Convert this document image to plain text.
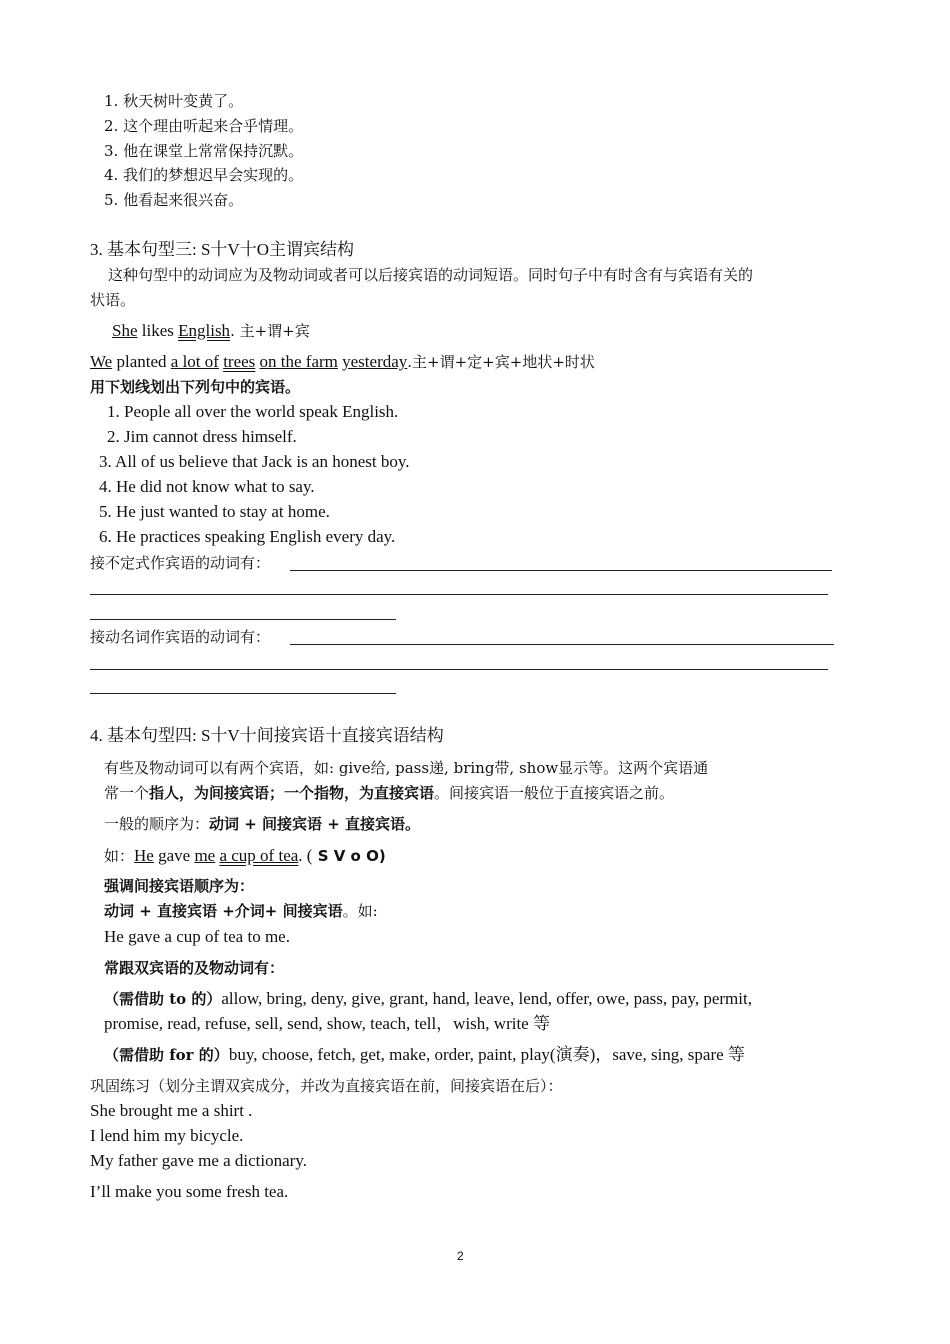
1. 秋天树叶变黄了。
2. 这个理由听起来合乎情理。
3. 他在课堂上常常保持沉默。
4. 我们的梦想迟早会实现的。
5. 他看起来很兴奋。
3. 基本句型三: S十V十O主谓宾结构
这种句型中的动词应为及物动词或者可以后接宾语的动词短语。同时句子中有时含有与宾语有关的
状语。
She likes English. 主+谓+宾
We planted a lot of trees on the farm yesterday.主+谓+定+宾+地状+时状
用下划线划出下列句中的宾语。
1. People all over the world speak English.
2. Jim cannot dress himself.
3. All of us believe that Jack is an honest boy.
4. He did not know what to say.
5. He just wanted to stay at home.
6. He practices speaking English every day.
接不定式作宾语的动词有：
接动名词作宾语的动词有：
4. 基本句型四: S十V十间接宾语十直接宾语结构
有些及物动词可以有两个宾语，如: give给, pass递, bring带, show显示等。这两个宾语通
常一个指人，为间接宾语；一个指物，为直接宾语。间接宾语一般位于直接宾语之前。
一般的顺序为：动词 + 间接宾语 + 直接宾语。
如：He gave me a cup of tea. ( S V o O)
强调间接宾语顺序为：
动词 + 直接宾语 +介词+ 间接宾语。如:
He gave a cup of tea to me.
常跟双宾语的及物动词有：
（需借助 to 的）allow, bring, deny, give, grant, hand, leave, lend, offer, owe, pass, pay, permit,
promise, read, refuse, sell, send, show, teach, tell，wish, write 等
（需借助 for 的）buy, choose, fetch, get, make, order, paint, play(演奏)，save, sing, spare 等
巩固练习（划分主谓双宾成分，并改为直接宾语在前，间接宾语在后）：
She brought me a shirt .
I lend him my bicycle.
My father gave me a dictionary.
I’ll make you some fresh tea.
2
